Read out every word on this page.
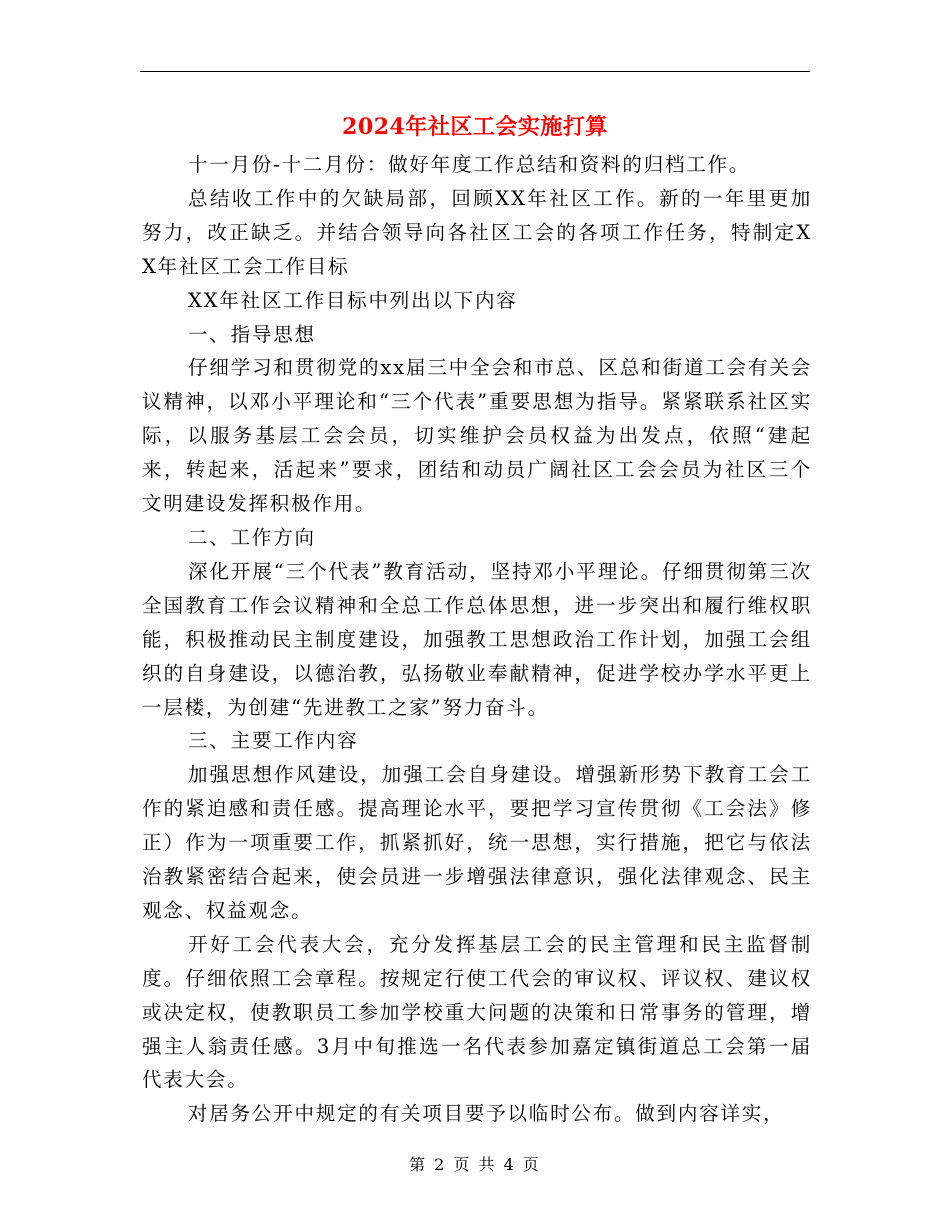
2024年社区工会实施打算

十一月份-十二月份：做好年度工作总结和资料的归档工作。

总结收工作中的欠缺局部，回顾XX年社区工作。新的一年里更加努力，改正缺乏。并结合领导向各社区工会的各项工作任务，特制定XX年社区工会工作目标

XX年社区工作目标中列出以下内容

一、指导思想

仔细学习和贯彻党的xx届三中全会和市总、区总和街道工会有关会议精神，以邓小平理论和“三个代表”重要思想为指导。紧紧联系社区实际，以服务基层工会会员，切实维护会员权益为出发点，依照“建起来，转起来，活起来”要求，团结和动员广阔社区工会会员为社区三个文明建设发挥积极作用。

二、工作方向

深化开展“三个代表”教育活动，坚持邓小平理论。仔细贯彻第三次全国教育工作会议精神和全总工作总体思想，进一步突出和履行维权职能，积极推动民主制度建设，加强教工思想政治工作计划，加强工会组织的自身建设，以德治教，弘扬敬业奉献精神，促进学校办学水平更上一层楼，为创建“先进教工之家”努力奋斗。

三、主要工作内容

加强思想作风建设，加强工会自身建设。增强新形势下教育工会工作的紧迫感和责任感。提高理论水平，要把学习宣传贯彻《工会法》修正）作为一项重要工作，抓紧抓好，统一思想，实行措施，把它与依法治教紧密结合起来，使会员进一步增强法律意识，强化法律观念、民主观念、权益观念。

开好工会代表大会，充分发挥基层工会的民主管理和民主监督制度。仔细依照工会章程。按规定行使工代会的审议权、评议权、建议权或决定权，使教职员工参加学校重大问题的决策和日常事务的管理，增强主人翁责任感。3月中旬推选一名代表参加嘉定镇街道总工会第一届代表大会。

对居务公开中规定的有关项目要予以临时公布。做到内容详实，

第 2 页 共 4 页
